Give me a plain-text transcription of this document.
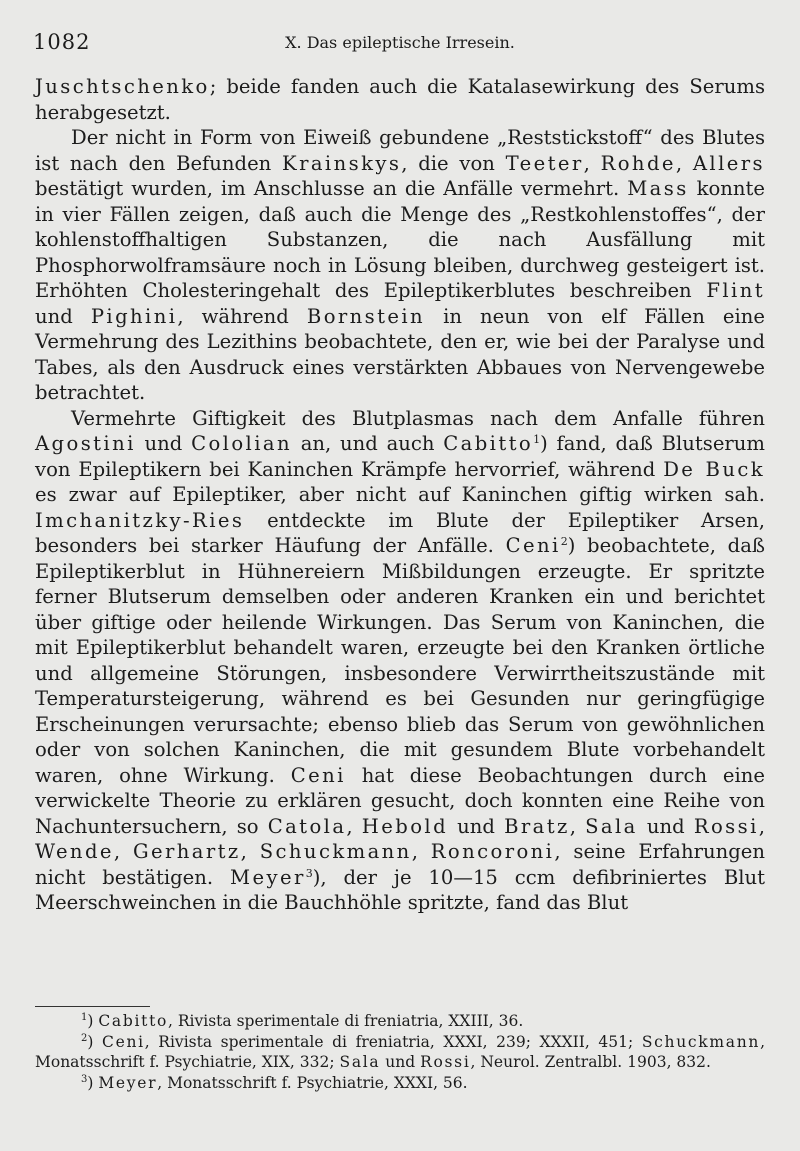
1082	X. Das epileptische Irresein.

Juschtschenko; beide fanden auch die Katalasewirkung des Serums herabgesetzt.

Der nicht in Form von Eiweiß gebundene „Reststickstoff“ des Blutes ist nach den Befunden Krainskys, die von Teeter, Rohde, Allers bestätigt wurden, im Anschlusse an die Anfälle vermehrt. Mass konnte in vier Fällen zeigen, daß auch die Menge des „Restkohlenstoffes“, der kohlenstoffhaltigen Substanzen, die nach Ausfällung mit Phosphorwolframsäure noch in Lösung bleiben, durchweg gesteigert ist. Erhöhten Cholesteringehalt des Epileptikerblutes beschreiben Flint und Pighini, während Bornstein in neun von elf Fällen eine Vermehrung des Lezithins beobachtete, den er, wie bei der Paralyse und Tabes, als den Ausdruck eines verstärkten Abbaues von Nervengewebe betrachtet.

Vermehrte Giftigkeit des Blutplasmas nach dem Anfalle führen Agostini und Cololian an, und auch Cabitto$^1$) fand, daß Blutserum von Epileptikern bei Kaninchen Krämpfe hervorrief, während De Buck es zwar auf Epileptiker, aber nicht auf Kaninchen giftig wirken sah. Imchanitzky-Ries entdeckte im Blute der Epileptiker Arsen, besonders bei starker Häufung der Anfälle. Ceni$^2$) beobachtete, daß Epileptikerblut in Hühnereiern Mißbildungen erzeugte. Er spritzte ferner Blutserum demselben oder anderen Kranken ein und berichtet über giftige oder heilende Wirkungen. Das Serum von Kaninchen, die mit Epileptikerblut behandelt waren, erzeugte bei den Kranken örtliche und allgemeine Störungen, insbesondere Verwirrtheitszustände mit Temperatursteigerung, während es bei Gesunden nur geringfügige Erscheinungen verursachte; ebenso blieb das Serum von gewöhnlichen oder von solchen Kaninchen, die mit gesundem Blute vorbehandelt waren, ohne Wirkung. Ceni hat diese Beobachtungen durch eine verwickelte Theorie zu erklären gesucht, doch konnten eine Reihe von Nachuntersuchern, so Catola, Hebold und Bratz, Sala und Rossi, Wende, Gerhartz, Schuckmann, Roncoroni, seine Erfahrungen nicht bestätigen. Meyer$^3$), der je 10—15 ccm defibriniertes Blut Meerschweinchen in die Bauchhöhle spritzte, fand das Blut

$^1$) Cabitto, Rivista sperimentale di freniatria, XXIII, 36.

$^2$) Ceni, Rivista sperimentale di freniatria, XXXI, 239; XXXII, 451; Schuckmann, Monatsschrift f. Psychiatrie, XIX, 332; Sala und Rossi, Neurol. Zentralbl. 1903, 832.

$^3$) Meyer, Monatsschrift f. Psychiatrie, XXXI, 56.
